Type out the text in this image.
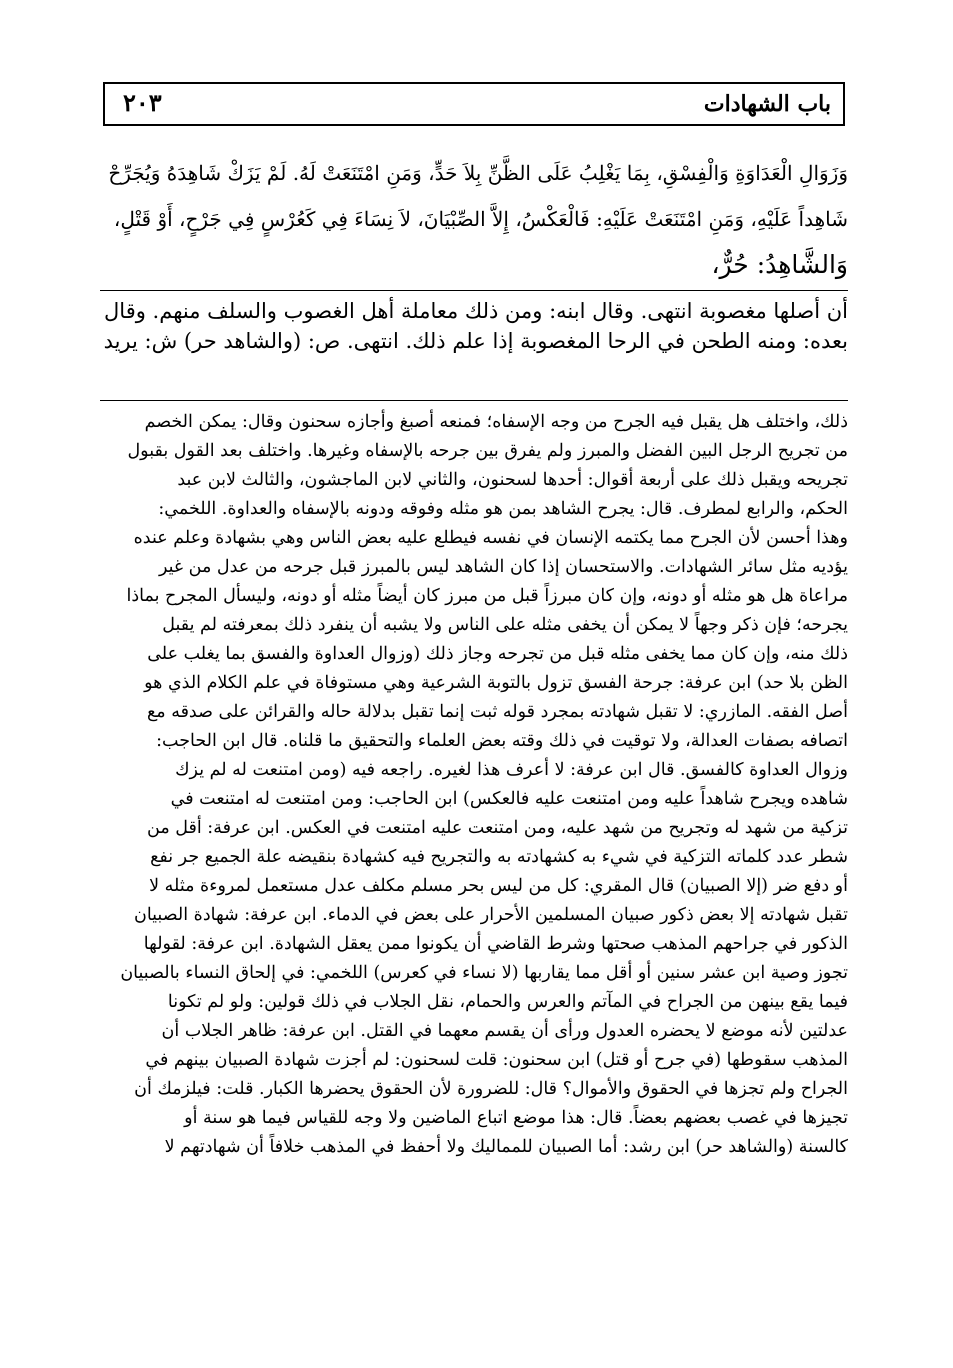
باب الشهادات
٢٠٣
وَزَوَالِ الْعَدَاوَةِ وَالْفِسْقِ، بِمَا يَغْلِبُ عَلَى الظَّنِّ بِلاَ حَدٍّ، وَمَنِ امْتَنَعَتْ لَهُ. لَمْ يَزَكْ شَاهِدَهُ وَيُجَرِّحْ
شَاهِداً عَلَيْهِ، وَمَنِ امْتَنَعَتْ عَلَيْهِ: فَالْعَكْسُ، إِلاَّ الصِّبْيَانَ، لاَ نِسَاءَ فِي كَعُرْسٍ فِي جَرْحٍ، أَوْ قَتْلٍ،
وَالشَّاهِدُ: حُرٌّ،
أن أصلها مغصوبة انتهى. وقال ابنه: ومن ذلك معاملة أهل الغصوب والسلف منهم. وقال
بعده: ومنه الطحن في الرحا المغصوبة إذا علم ذلك. انتهى. ص: (والشاهد حر) ش: يريد
ذلك، واختلف هل يقبل فيه الجرح من وجه الإسفاه؛ فمنعه أصبغ وأجازه سحنون وقال: يمكن الخصم
من تجريح الرجل البين الفضل والمبرز ولم يفرق بين جرحه بالإسفاه وغيرها. واختلف بعد القول بقبول
تجريحه ويقبل ذلك على أربعة أقوال: أحدها لسحنون، والثاني لابن الماجشون، والثالث لابن عبد
الحكم، والرابع لمطرف. قال: يجرح الشاهد بمن هو مثله وفوقه ودونه بالإسفاه والعداوة. اللخمي:
وهذا أحسن لأن الجرح مما يكتمه الإنسان في نفسه فيطلع عليه بعض الناس وهي بشهادة وعلم عنده
يؤديه مثل سائر الشهادات. والاستحسان إذا كان الشاهد ليس بالمبرز قبل جرحه من عدل من غير
مراعاة هل هو مثله أو دونه، وإن كان مبرزاً قبل من مبرز كان أيضاً مثله أو دونه، وليسأل المجرح بماذا
يجرحه؛ فإن ذكر وجهاً لا يمكن أن يخفى مثله على الناس ولا يشبه أن ينفرد ذلك بمعرفته لم يقبل
ذلك منه، وإن كان مما يخفى مثله قبل من تجرحه وجاز ذلك (وزوال العداوة والفسق بما يغلب على
الظن بلا حد) ابن عرفة: جرحة الفسق تزول بالتوبة الشرعية وهي مستوفاة في علم الكلام الذي هو
أصل الفقه. المازري: لا تقبل شهادته بمجرد قوله ثبت إنما تقبل بدلالة حاله والقرائن على صدقه مع
اتصافه بصفات العدالة، ولا توقيت في ذلك وقته بعض العلماء والتحقيق ما قلناه. قال ابن الحاجب:
وزوال العداوة كالفسق. قال ابن عرفة: لا أعرف هذا لغيره. راجعه فيه (ومن امتنعت له لم يزك
شاهده ويجرح شاهداً عليه ومن امتنعت عليه فالعكس) ابن الحاجب: ومن امتنعت له امتنعت في
تزكية من شهد له وتجريح من شهد عليه، ومن امتنعت عليه امتنعت في العكس. ابن عرفة: أقل من
شطر عدد كلماته التزكية في شيء به كشهادته به والتجريح فيه كشهادة بنقيضه علة الجميع جر نفع
أو دفع ضر (إلا الصبيان) قال المقري: كل من ليس بحر مسلم مكلف عدل مستعمل لمروءة مثله لا
تقبل شهادته إلا بعض ذكور صبيان المسلمين الأحرار على بعض في الدماء. ابن عرفة: شهادة الصبيان
الذكور في جراحهم المذهب صحتها وشرط القاضي أن يكونوا ممن يعقل الشهادة. ابن عرفة: لقولها
تجوز وصية ابن عشر سنين أو أقل مما يقاربها (لا نساء في كعرس) اللخمي: في إلحاق النساء بالصبيان
فيما يقع بينهن من الجراح في المآتم والعرس والحمام، نقل الجلاب في ذلك قولين: ولو لم تكونا
عدلتين لأنه موضع لا يحضره العدول ورأى أن يقسم معهما في القتل. ابن عرفة: ظاهر الجلاب أن
المذهب سقوطها (في جرح أو قتل) ابن سحنون: قلت لسحنون: لم أجزت شهادة الصبيان بينهم في
الجراح ولم تجزها في الحقوق والأموال؟ قال: للضرورة لأن الحقوق يحضرها الكبار. قلت: فيلزمك أن
تجيزها في غصب بعضهم بعضاً. قال: هذا موضع اتباع الماضين ولا وجه للقياس فيما هو سنة أو
كالسنة (والشاهد حر) ابن رشد: أما الصبيان للمماليك ولا أحفظ في المذهب خلافاً أن شهادتهم لا
